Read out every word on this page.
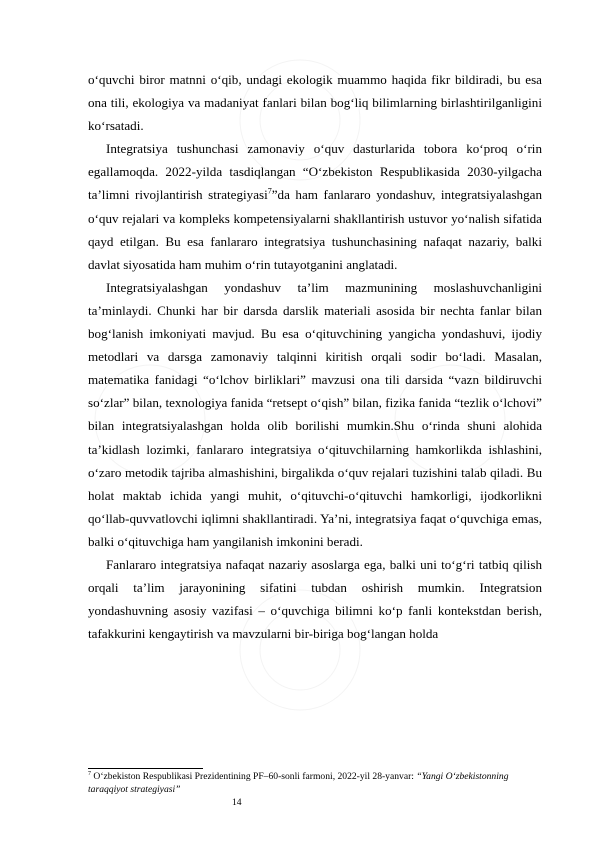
o‘quvchi biror matnni o‘qib, undagi ekologik muammo haqida fikr bildiradi, bu esa ona tili, ekologiya va madaniyat fanlari bilan bog‘liq bilimlarning birlashtirilganligini ko‘rsatadi.

Integratsiya tushunchasi zamonaviy o‘quv dasturlarida tobora ko‘proq o‘rin egallamoqda. 2022-yilda tasdiqlangan “O‘zbekiston Respublikasida 2030-yilgacha ta’limni rivojlantirish strategiyasi$^7$”da ham fanlararo yondashuv, integratsiyalashgan o‘quv rejalari va kompleks kompetensiyalarni shakllantirish ustuvor yo‘nalish sifatida qayd etilgan. Bu esa fanlararo integratsiya tushunchasining nafaqat nazariy, balki davlat siyosatida ham muhim o‘rin tutayotganini anglatadi.

Integratsiyalashgan yondashuv ta’lim mazmunining moslashuvchanligini ta’minlaydi. Chunki har bir darsda darslik materiali asosida bir nechta fanlar bilan bog‘lanish imkoniyati mavjud. Bu esa o‘qituvchining yangicha yondashuvi, ijodiy metodlari va darsga zamonaviy talqinni kiritish orqali sodir bo‘ladi. Masalan, matematika fanidagi “o‘lchov birliklari” mavzusi ona tili darsida “vazn bildiruvchi so‘zlar” bilan, texnologiya fanida “retsept o‘qish” bilan, fizika fanida “tezlik o‘lchovi” bilan integratsiyalashgan holda olib borilishi mumkin.Shu o‘rinda shuni alohida ta’kidlash lozimki, fanlararo integratsiya o‘qituvchilarning hamkorlikda ishlashini, o‘zaro metodik tajriba almashishini, birgalikda o‘quv rejalari tuzishini talab qiladi. Bu holat maktab ichida yangi muhit, o‘qituvchi-o‘qituvchi hamkorligi, ijodkorlikni qo‘llab-quvvatlovchi iqlimni shakllantiradi. Ya’ni, integratsiya faqat o‘quvchiga emas, balki o‘qituvchiga ham yangilanish imkonini beradi.

Fanlararo integratsiya nafaqat nazariy asoslarga ega, balki uni to‘g‘ri tatbiq qilish orqali ta’lim jarayonining sifatini tubdan oshirish mumkin. Integratsion yondashuvning asosiy vazifasi – o‘quvchiga bilimni ko‘p fanli kontekstdan berish, tafakkurini kengaytirish va mavzularni bir-biriga bog‘langan holda

$^7$ O‘zbekiston Respublikasi Prezidentining PF–60-sonli farmoni, 2022-yil 28-yanvar: “Yangi O‘zbekistonning taraqqiyot strategiyasi”

14
